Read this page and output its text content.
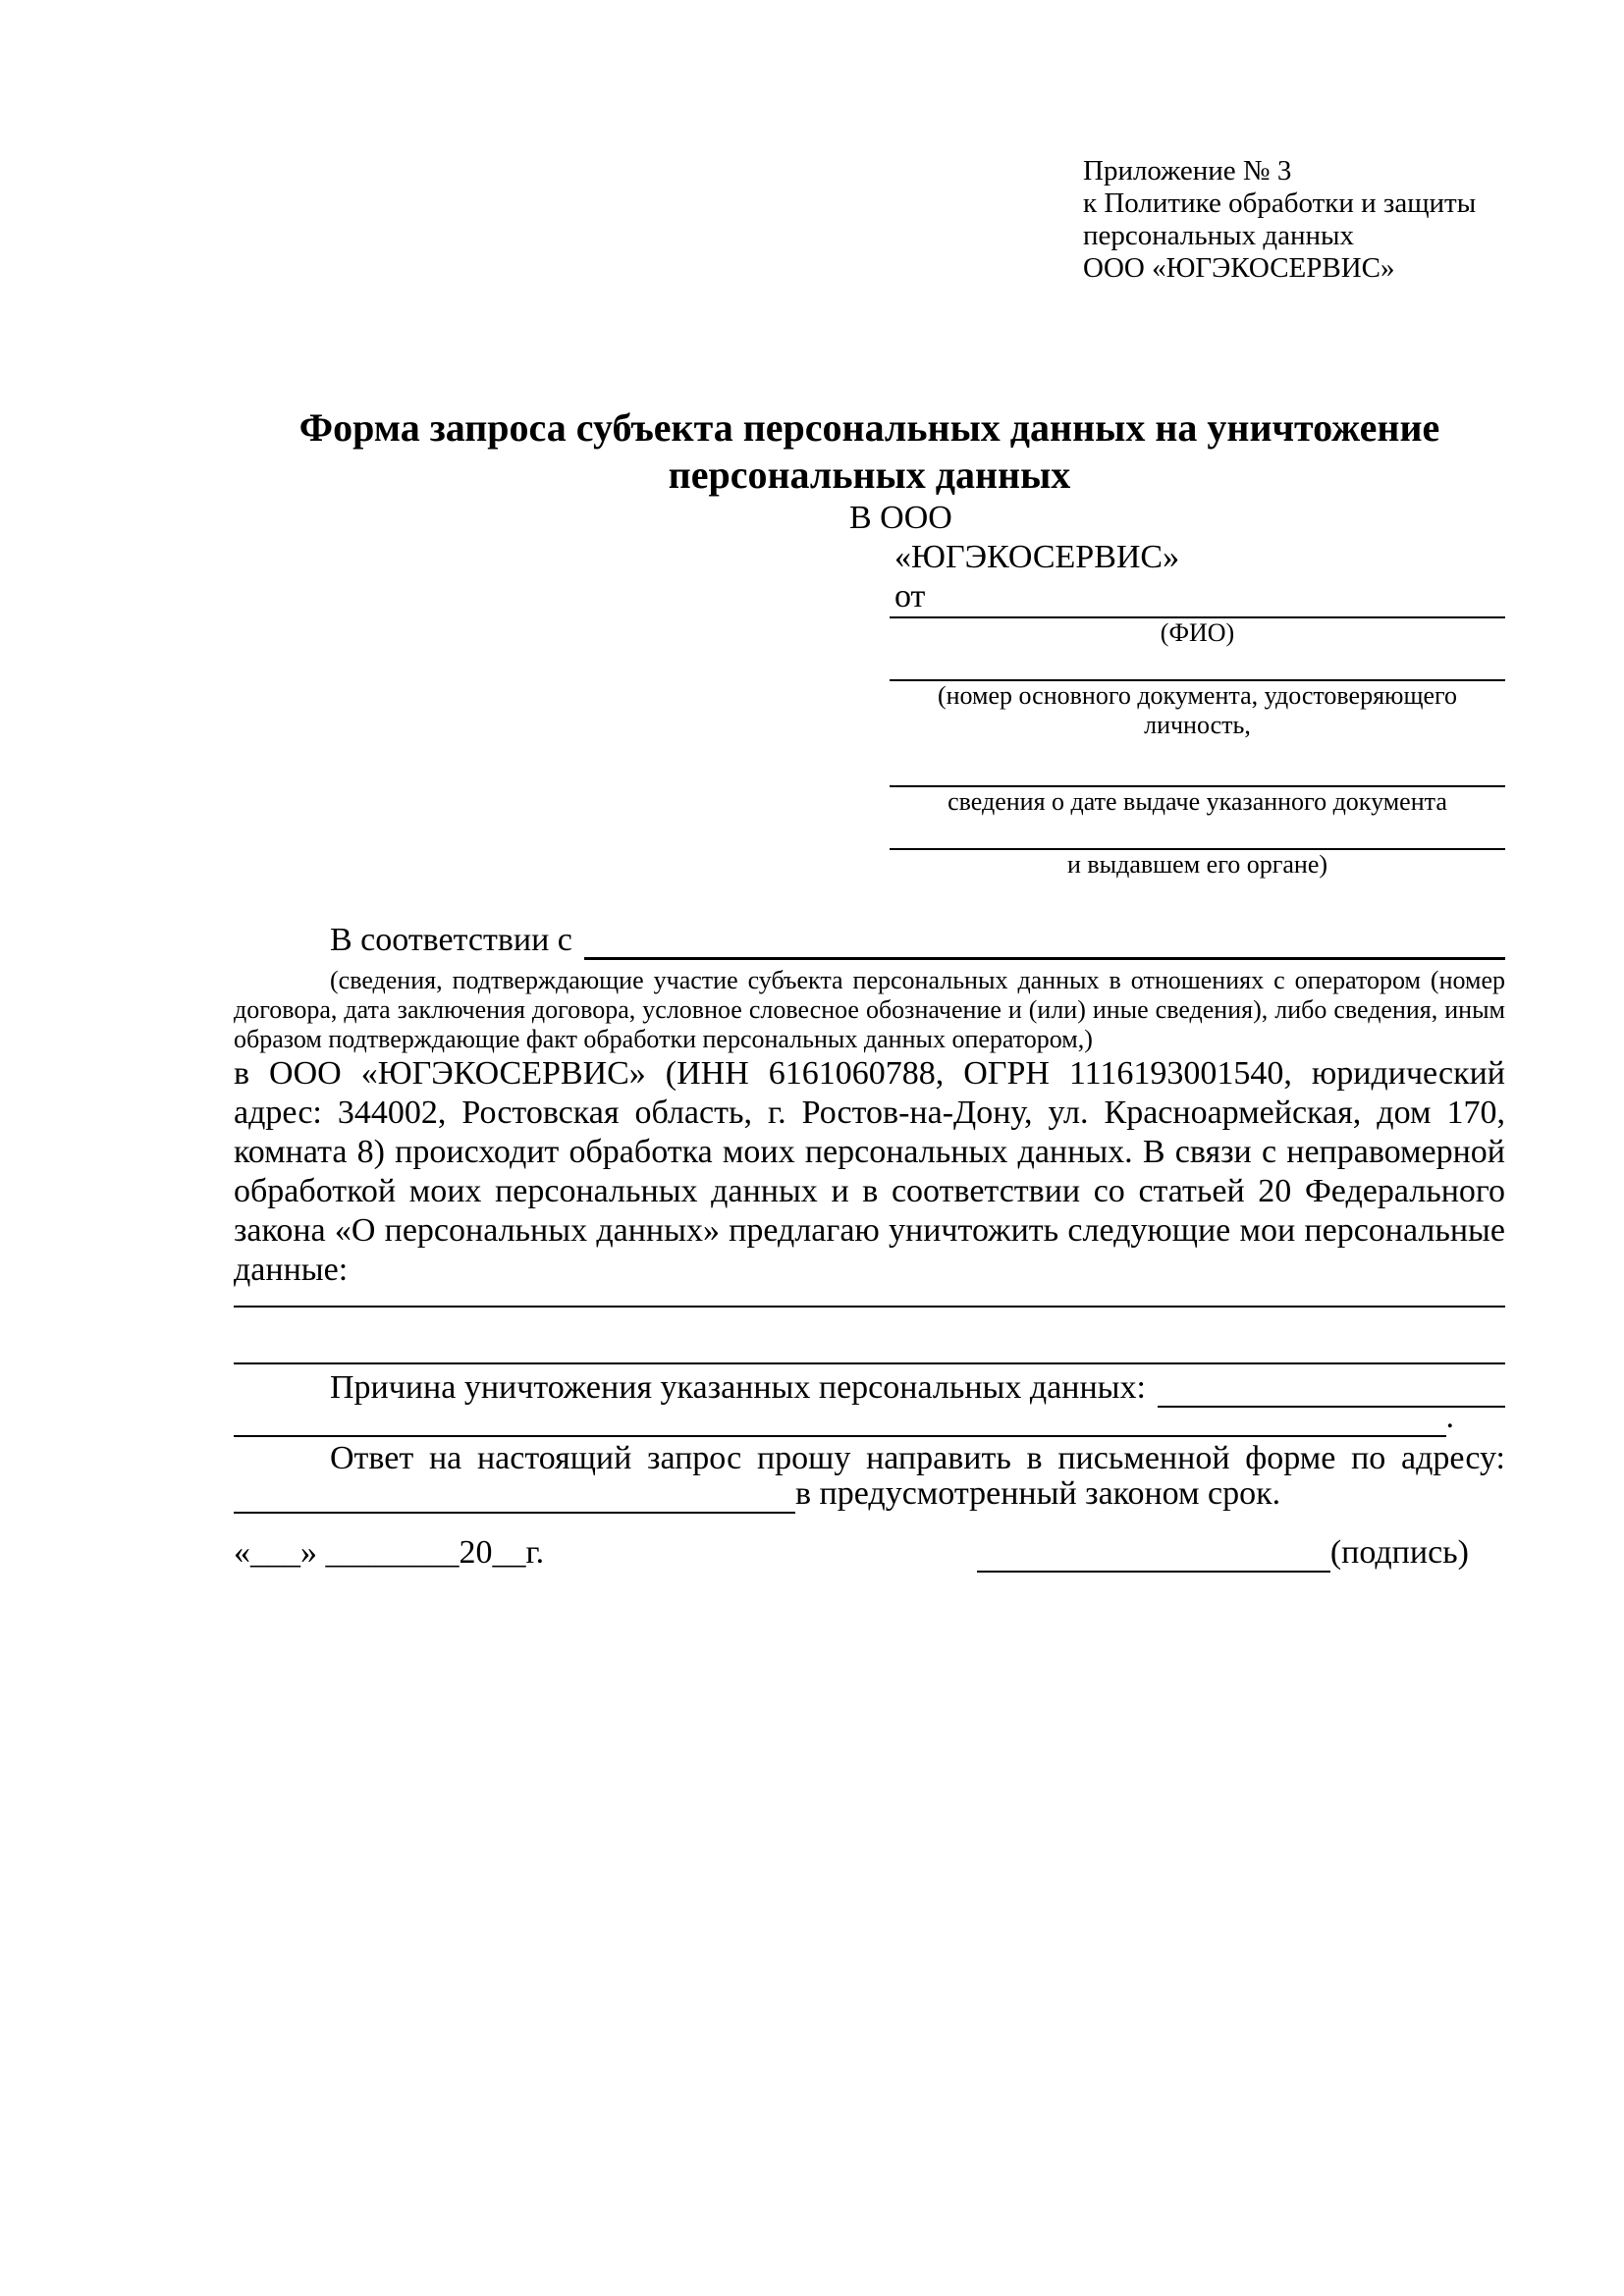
Приложение № 3
к Политике обработки и защиты
персональных данных
ООО «ЮГЭКОСЕРВИС»
Форма запроса субъекта персональных данных на уничтожение персональных данных
В ООО
«ЮГЭКОСЕРВИС»
от
(ФИО)
(номер основного документа, удостоверяющего личность,
сведения о дате выдаче указанного документа
и выдавшем его органе)
В соответствии с

(сведения, подтверждающие участие субъекта персональных данных в отношениях с оператором (номер договора, дата заключения договора, условное словесное обозначение и (или) иные сведения), либо сведения, иным образом подтверждающие факт обработки персональных данных оператором,)

в ООО «ЮГЭКОСЕРВИС» (ИНН 6161060788, ОГРН 1116193001540, юридический адрес: 344002, Ростовская область, г. Ростов-на-Дону, ул. Красноармейская, дом 170, комната 8) происходит обработка моих персональных данных. В связи с неправомерной обработкой моих персональных данных и в соответствии со статьей 20 Федерального закона «О персональных данных» предлагаю уничтожить следующие мои персональные данные:

Причина уничтожения указанных персональных данных:
.

Ответ на настоящий запрос прошу направить в письменной форме по адресу:

в предусмотренный законом срок.
«___» ________20__г.	(подпись)
